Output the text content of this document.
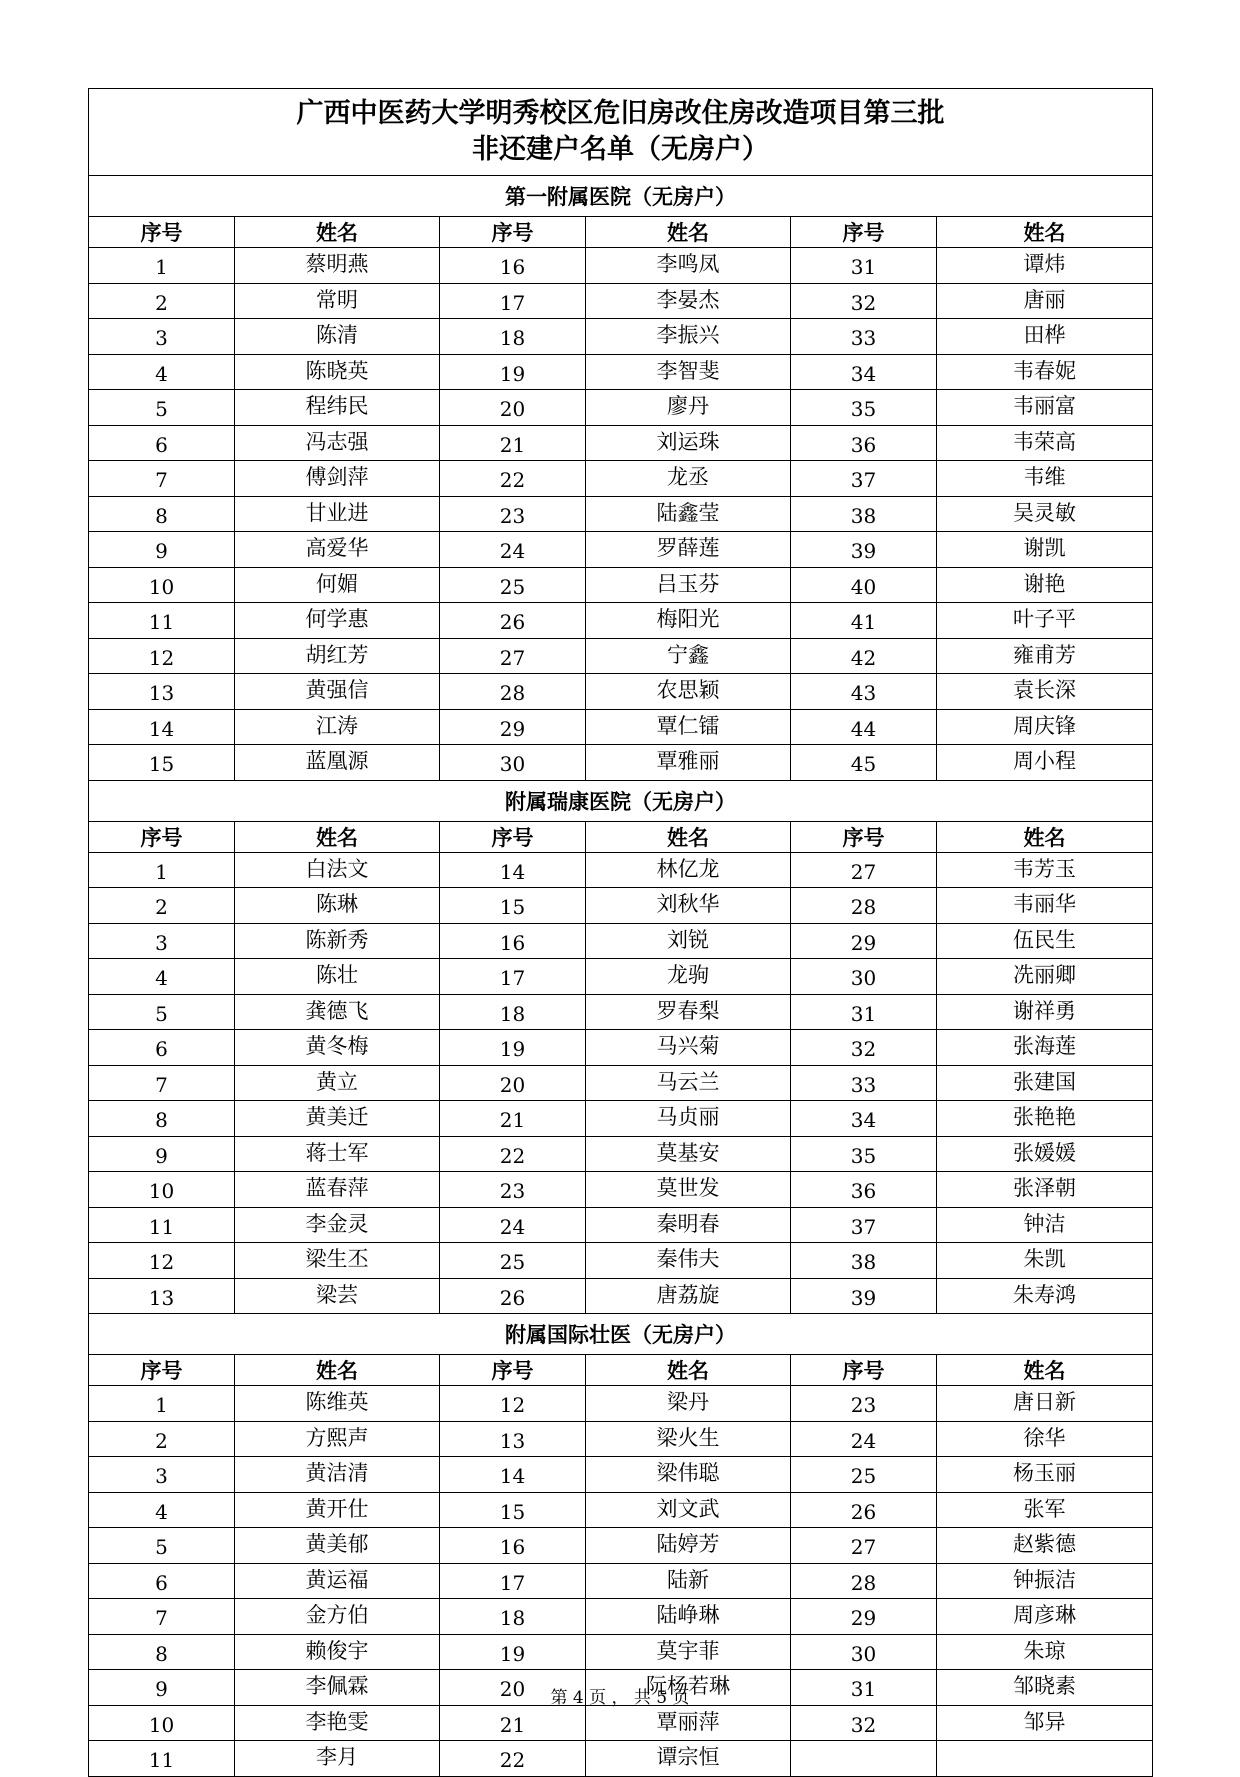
广西中医药大学明秀校区危旧房改住房改造项目第三批
非还建户名单（无房户）					

第一附属医院（无房户）					
序号	姓名	序号	姓名	序号	姓名
1	蔡明燕	16	李鸣凤	31	谭炜
2	常明	17	李晏杰	32	唐丽
3	陈清	18	李振兴	33	田桦
4	陈晓英	19	李智斐	34	韦春妮
5	程纬民	20	廖丹	35	韦丽富
6	冯志强	21	刘运珠	36	韦荣高
7	傅剑萍	22	龙丞	37	韦维
8	甘业进	23	陆鑫莹	38	吴灵敏
9	高爱华	24	罗薛莲	39	谢凯
10	何媚	25	吕玉芬	40	谢艳
11	何学惠	26	梅阳光	41	叶子平
12	胡红芳	27	宁鑫	42	雍甫芳
13	黄强信	28	农思颖	43	袁长深
14	江涛	29	覃仁镭	44	周庆锋
15	蓝凰源	30	覃雅丽	45	周小程
附属瑞康医院（无房户）					
序号	姓名	序号	姓名	序号	姓名
1	白法文	14	林亿龙	27	韦芳玉
2	陈琳	15	刘秋华	28	韦丽华
3	陈新秀	16	刘锐	29	伍民生
4	陈壮	17	龙驹	30	冼丽卿
5	龚德飞	18	罗春梨	31	谢祥勇
6	黄冬梅	19	马兴菊	32	张海莲
7	黄立	20	马云兰	33	张建国
8	黄美迁	21	马贞丽	34	张艳艳
9	蒋士军	22	莫基安	35	张媛媛
10	蓝春萍	23	莫世发	36	张泽朝
11	李金灵	24	秦明春	37	钟洁
12	梁生丕	25	秦伟夫	38	朱凯
13	梁芸	26	唐荔旋	39	朱寿鸿
附属国际壮医（无房户）					
序号	姓名	序号	姓名	序号	姓名
1	陈维英	12	梁丹	23	唐日新
2	方熙声	13	梁火生	24	徐华
3	黄洁清	14	梁伟聪	25	杨玉丽
4	黄开仕	15	刘文武	26	张军
5	黄美郁	16	陆婷芳	27	赵紫德
6	黄运福	17	陆新	28	钟振洁
7	金方伯	18	陆峥琳	29	周彦琳
8	赖俊宇	19	莫宇菲	30	朱琼
9	李佩霖	20	阮杨若琳	31	邹晓素
10	李艳雯	21	覃丽萍	32	邹异
11	李月	22	谭宗恒		
第 4 页 ， 共 5 页
